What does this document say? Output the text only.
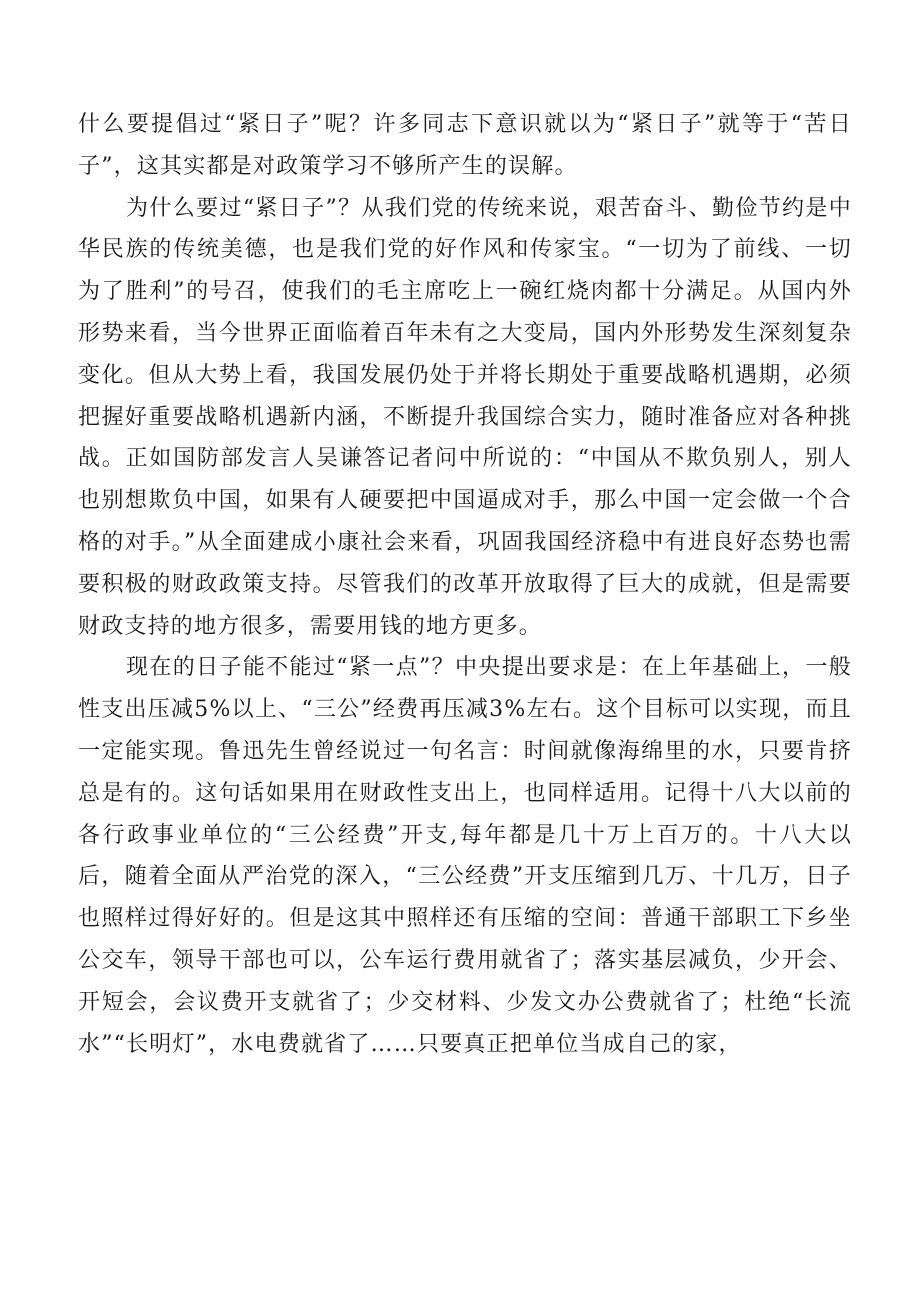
什么要提倡过“紧日子”呢？许多同志下意识就以为“紧日子”就等于“苦日子”，这其实都是对政策学习不够所产生的误解。

为什么要过“紧日子”？从我们党的传统来说，艰苦奋斗、勤俭节约是中华民族的传统美德，也是我们党的好作风和传家宝。“一切为了前线、一切为了胜利”的号召，使我们的毛主席吃上一碗红烧肉都十分满足。从国内外形势来看，当今世界正面临着百年未有之大变局，国内外形势发生深刻复杂变化。但从大势上看，我国发展仍处于并将长期处于重要战略机遇期，必须把握好重要战略机遇新内涵，不断提升我国综合实力，随时准备应对各种挑战。正如国防部发言人吴谦答记者问中所说的：“中国从不欺负别人，别人也别想欺负中国，如果有人硬要把中国逼成对手，那么中国一定会做一个合格的对手。”从全面建成小康社会来看，巩固我国经济稳中有进良好态势也需要积极的财政政策支持。尽管我们的改革开放取得了巨大的成就，但是需要财政支持的地方很多，需要用钱的地方更多。

现在的日子能不能过“紧一点”？中央提出要求是：在上年基础上，一般性支出压减5%以上、“三公”经费再压减3%左右。这个目标可以实现，而且一定能实现。鲁迅先生曾经说过一句名言：时间就像海绵里的水，只要肯挤总是有的。这句话如果用在财政性支出上，也同样适用。记得十八大以前的各行政事业单位的“三公经费”开支,每年都是几十万上百万的。十八大以后，随着全面从严治党的深入，“三公经费”开支压缩到几万、十几万，日子也照样过得好好的。但是这其中照样还有压缩的空间：普通干部职工下乡坐公交车，领导干部也可以，公车运行费用就省了；落实基层减负，少开会、开短会，会议费开支就省了；少交材料、少发文办公费就省了；杜绝“长流水”“长明灯”，水电费就省了……只要真正把单位当成自己的家，
